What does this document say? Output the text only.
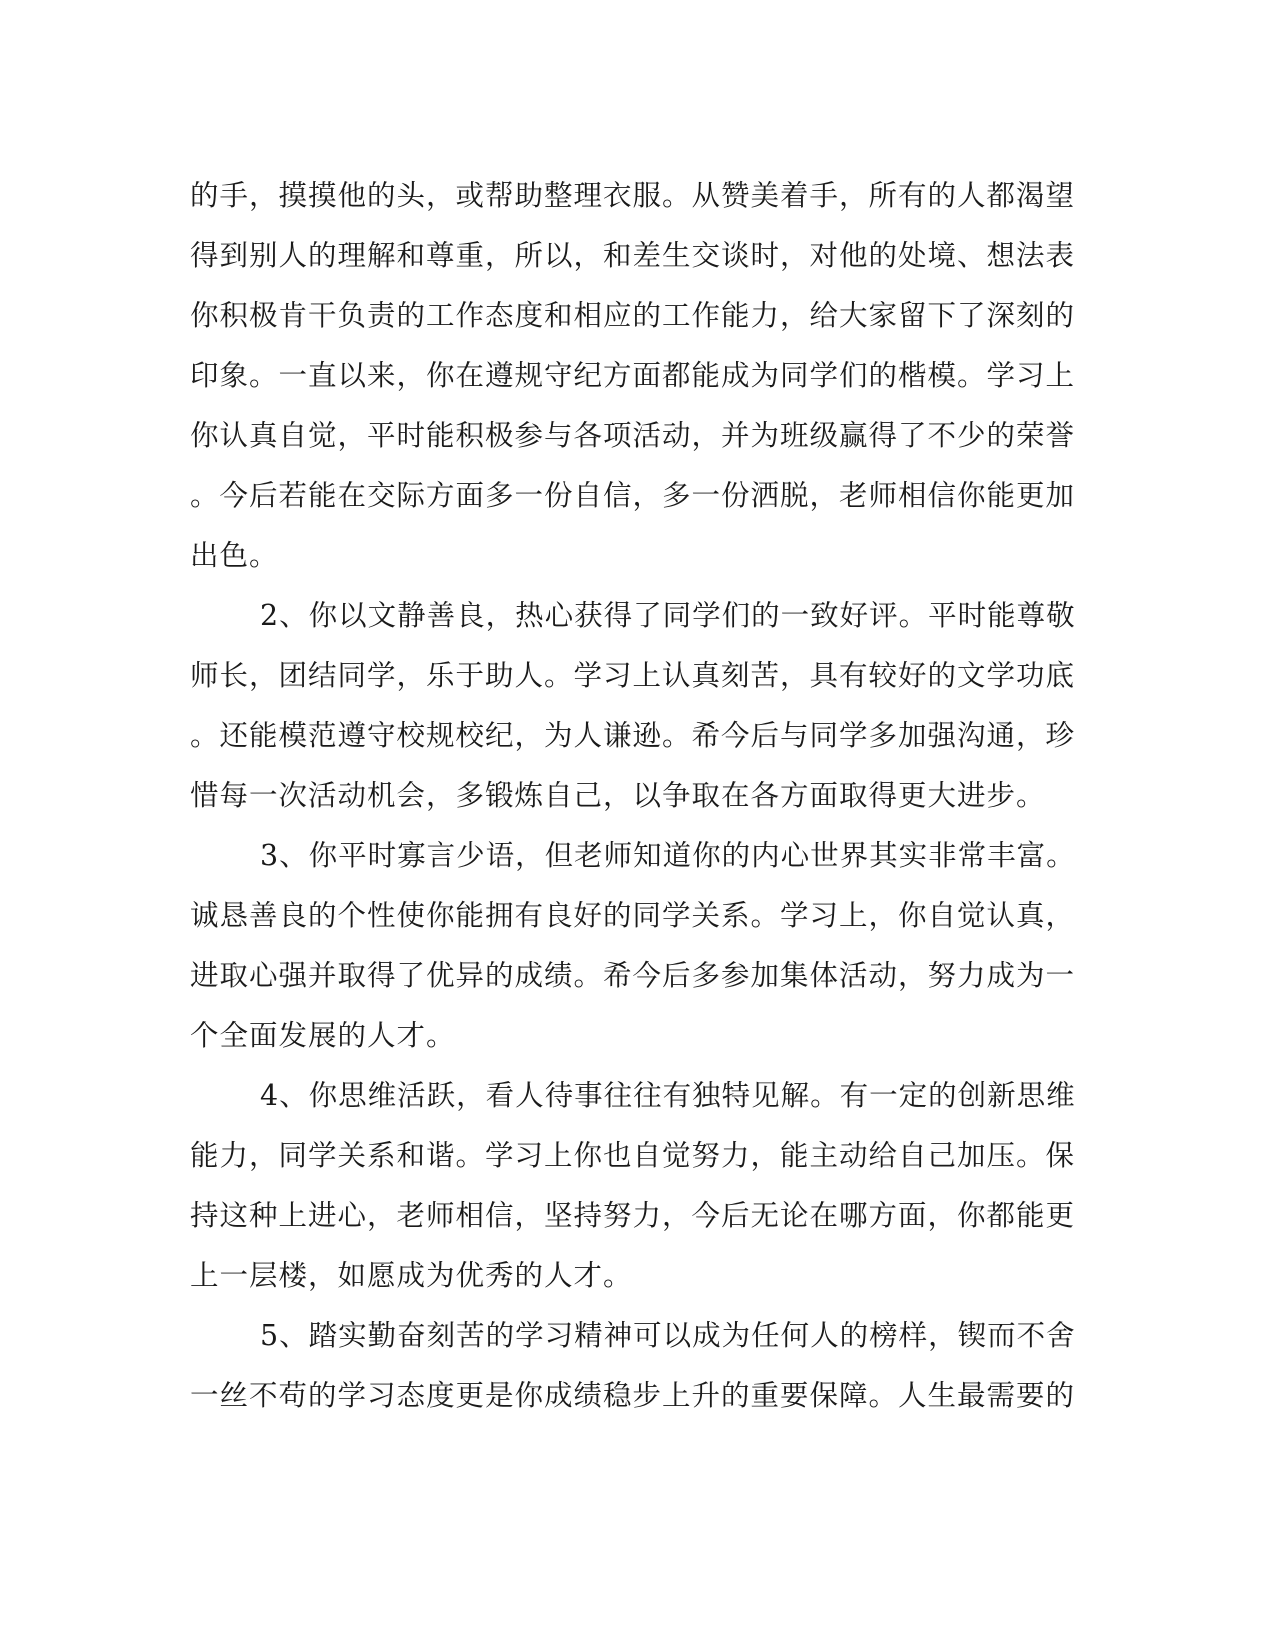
的手，摸摸他的头，或帮助整理衣服。从赞美着手，所有的人都渴望
得到别人的理解和尊重，所以，和差生交谈时，对他的处境、想法表
你积极肯干负责的工作态度和相应的工作能力，给大家留下了深刻的
印象。一直以来，你在遵规守纪方面都能成为同学们的楷模。学习上
你认真自觉，平时能积极参与各项活动，并为班级赢得了不少的荣誉
。今后若能在交际方面多一份自信，多一份洒脱，老师相信你能更加
出色。
2、你以文静善良，热心获得了同学们的一致好评。平时能尊敬
师长，团结同学，乐于助人。学习上认真刻苦，具有较好的文学功底
。还能模范遵守校规校纪，为人谦逊。希今后与同学多加强沟通，珍
惜每一次活动机会，多锻炼自己，以争取在各方面取得更大进步。
3、你平时寡言少语，但老师知道你的内心世界其实非常丰富。
诚恳善良的个性使你能拥有良好的同学关系。学习上，你自觉认真，
进取心强并取得了优异的成绩。希今后多参加集体活动，努力成为一
个全面发展的人才。
4、你思维活跃，看人待事往往有独特见解。有一定的创新思维
能力，同学关系和谐。学习上你也自觉努力，能主动给自己加压。保
持这种上进心，老师相信，坚持努力，今后无论在哪方面，你都能更
上一层楼，如愿成为优秀的人才。
5、踏实勤奋刻苦的学习精神可以成为任何人的榜样，锲而不舍
一丝不苟的学习态度更是你成绩稳步上升的重要保障。人生最需要的
